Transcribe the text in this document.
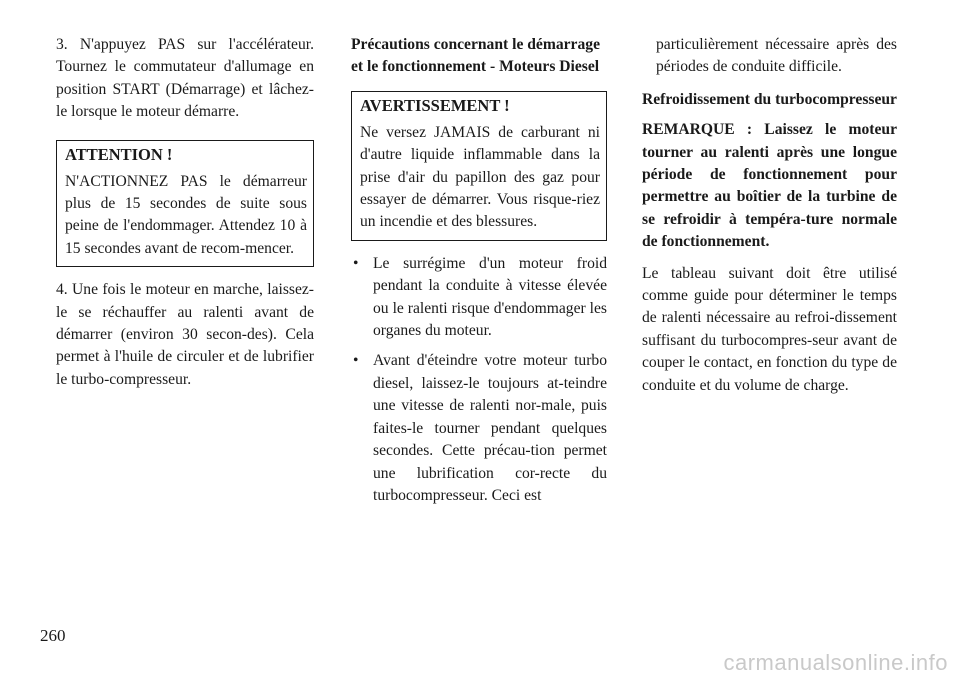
3. N'appuyez PAS sur l'accélérateur. Tournez le commutateur d'allumage en position START (Démarrage) et lâchez-le lorsque le moteur démarre.

ATTENTION !

N'ACTIONNEZ PAS le démarreur plus de 15 secondes de suite sous peine de l'endommager. Attendez 10 à 15 secondes avant de recom-mencer.

4. Une fois le moteur en marche, laissez-le se réchauffer au ralenti avant de démarrer (environ 30 secon-des). Cela permet à l'huile de circuler et de lubrifier le turbo-compresseur.

Précautions concernant le démarrage et le fonctionnement - Moteurs Diesel

AVERTISSEMENT !

Ne versez JAMAIS de carburant ni d'autre liquide inflammable dans la prise d'air du papillon des gaz pour essayer de démarrer. Vous risque-riez un incendie et des blessures.

• Le surrégime d'un moteur froid pendant la conduite à vitesse élevée ou le ralenti risque d'endommager les organes du moteur.
• Avant d'éteindre votre moteur turbo diesel, laissez-le toujours at-teindre une vitesse de ralenti nor-male, puis faites-le tourner pendant quelques secondes. Cette précau-tion permet une lubrification cor-recte du turbocompresseur. Ceci est

particulièrement nécessaire après des périodes de conduite difficile.

Refroidissement du turbocompresseur

REMARQUE : Laissez le moteur tourner au ralenti après une longue période de fonctionnement pour permettre au boîtier de la turbine de se refroidir à tempéra-ture normale de fonctionnement.

Le tableau suivant doit être utilisé comme guide pour déterminer le temps de ralenti nécessaire au refroi-dissement suffisant du turbocompres-seur avant de couper le contact, en fonction du type de conduite et du volume de charge.

260
carmanualsonline.info
